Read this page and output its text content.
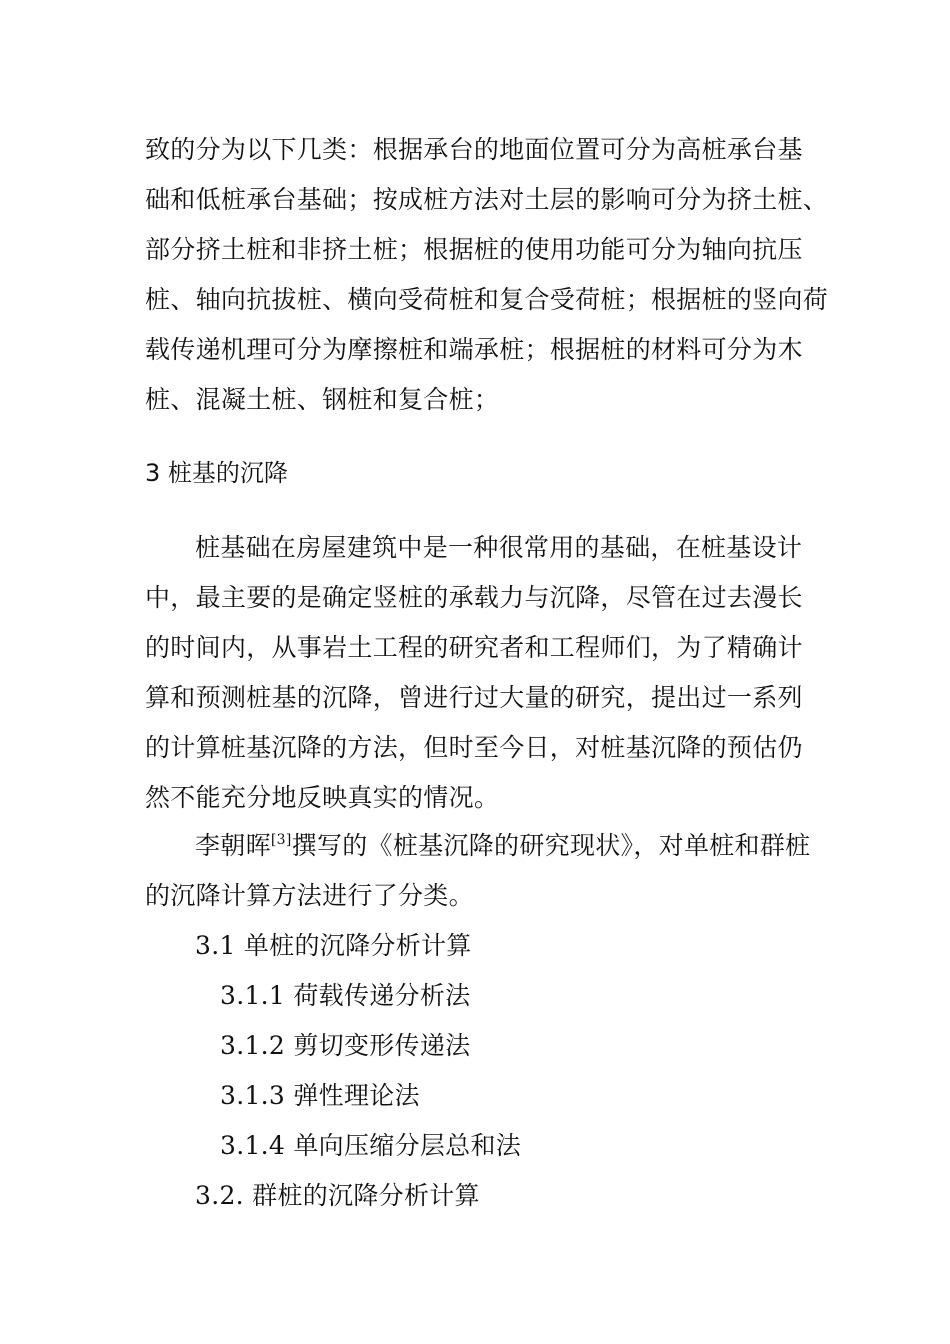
致的分为以下几类：根据承台的地面位置可分为高桩承台基
础和低桩承台基础；按成桩方法对土层的影响可分为挤土桩、
部分挤土桩和非挤土桩；根据桩的使用功能可分为轴向抗压
桩、轴向抗拔桩、横向受荷桩和复合受荷桩；根据桩的竖向荷
载传递机理可分为摩擦桩和端承桩；根据桩的材料可分为木
桩、混凝土桩、钢桩和复合桩；
3 桩基的沉降
桩基础在房屋建筑中是一种很常用的基础，在桩基设计
中，最主要的是确定竖桩的承载力与沉降，尽管在过去漫长
的时间内，从事岩土工程的研究者和工程师们，为了精确计
算和预测桩基的沉降，曾进行过大量的研究，提出过一系列
的计算桩基沉降的方法，但时至今日，对桩基沉降的预估仍
然不能充分地反映真实的情况。
李朝晖[3]撰写的《桩基沉降的研究现状》，对单桩和群桩
的沉降计算方法进行了分类。
3.1 单桩的沉降分析计算
3.1.1 荷载传递分析法
3.1.2 剪切变形传递法
3.1.3 弹性理论法
3.1.4 单向压缩分层总和法
3.2. 群桩的沉降分析计算
